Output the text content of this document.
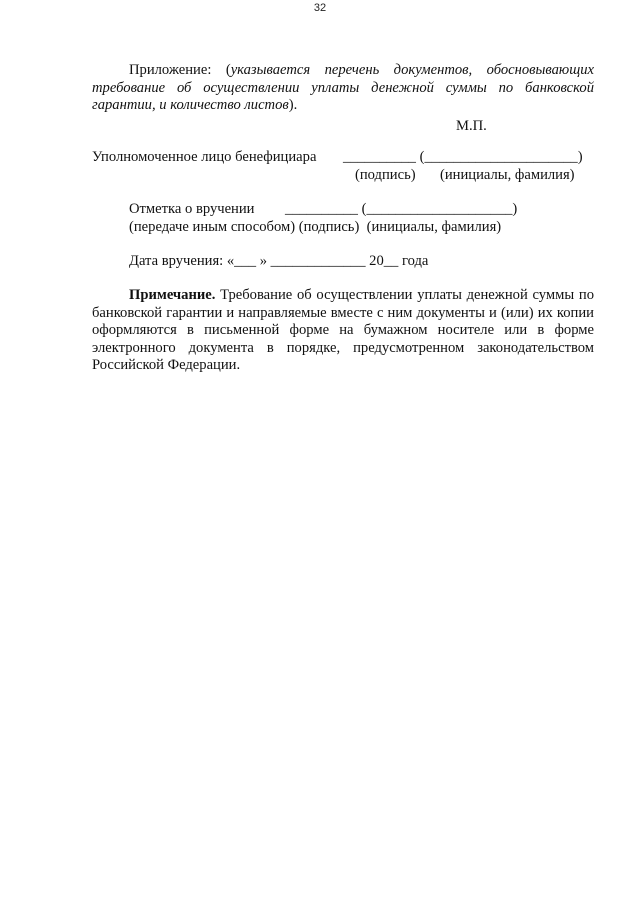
32

Приложение: (указывается перечень документов, обосновывающих требование об осуществлении уплаты денежной суммы по банковской гарантии, и количество листов).

М.П.

Уполномоченное лицо бенефициара __________ (_____________________)
(подпись) (инициалы, фамилия)
Отметка о вручении __________ (____________________)
(передаче иным способом) (подпись)  (инициалы, фамилия)
Дата вручения: «___ » _____________ 20__ года

Примечание. Требование об осуществлении уплаты денежной суммы по банковской гарантии и направляемые вместе с ним документы и (или) их копии оформляются в письменной форме на бумажном носителе или в форме электронного документа в порядке, предусмотренном законодательством Российской Федерации.
